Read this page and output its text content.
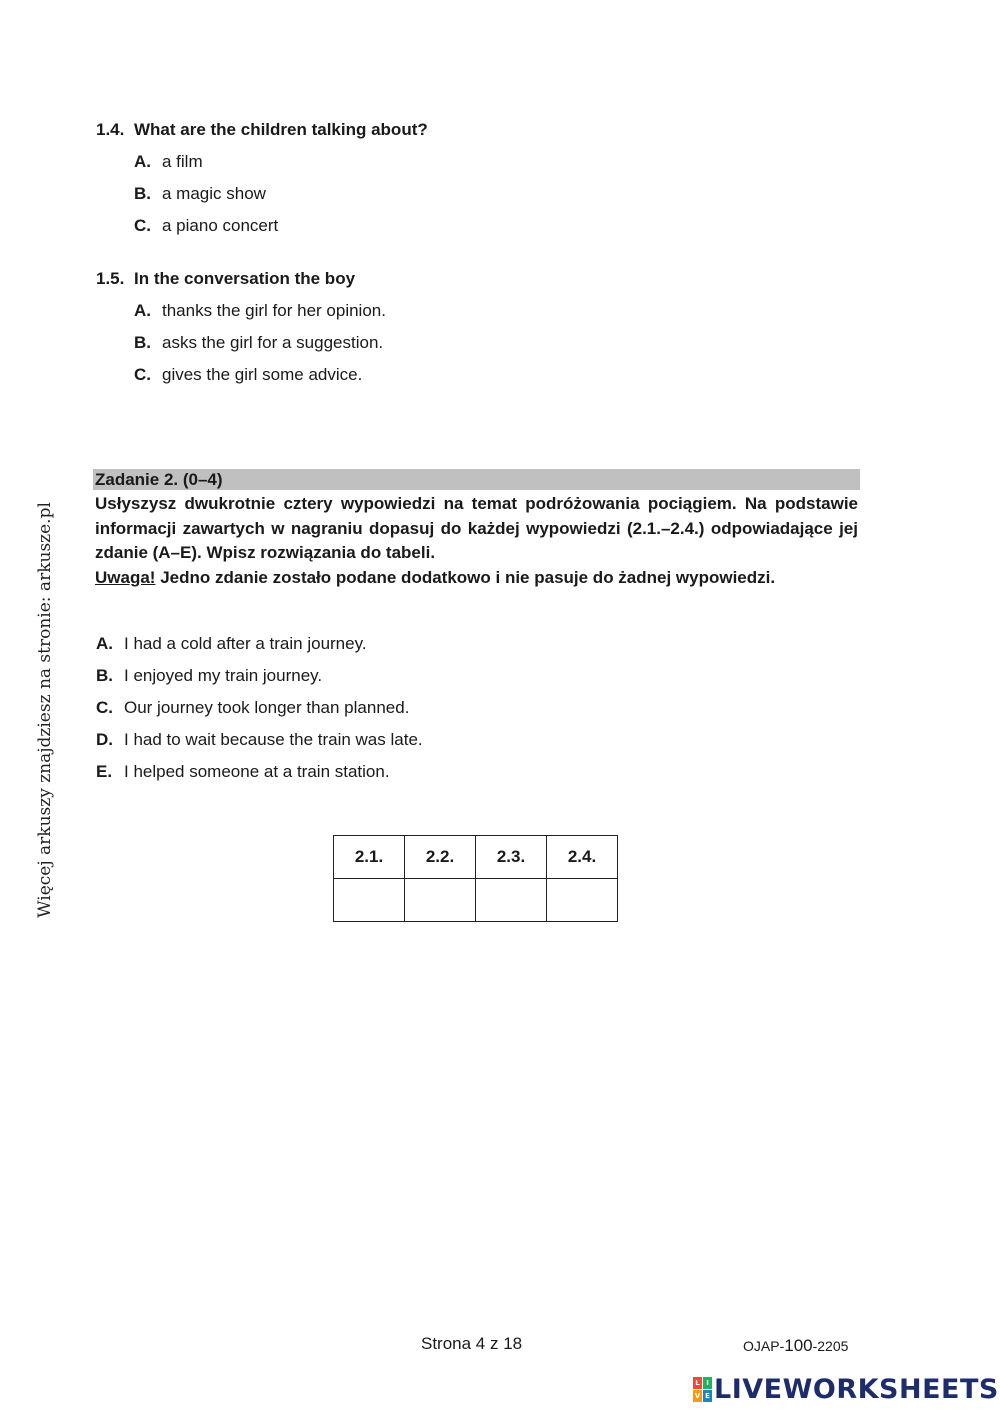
Więcej arkuszy znajdziesz na stronie: arkusze.pl
1.4. What are the children talking about?
A. a film
B. a magic show
C. a piano concert
1.5. In the conversation the boy
A. thanks the girl for her opinion.
B. asks the girl for a suggestion.
C. gives the girl some advice.
Zadanie 2. (0–4)

Usłyszysz dwukrotnie cztery wypowiedzi na temat podróżowania pociągiem. Na podstawie informacji zawartych w nagraniu dopasuj do każdej wypowiedzi (2.1.–2.4.) odpowiadające jej zdanie (A–E). Wpisz rozwiązania do tabeli.

Uwaga! Jedno zdanie zostało podane dodatkowo i nie pasuje do żadnej wypowiedzi.

A. I had a cold after a train journey.
B. I enjoyed my train journey.
C. Our journey took longer than planned.
D. I had to wait because the train was late.
E. I helped someone at a train station.
2.1.	2.2.	2.3.	2.4.

Strona 4 z 18	OJAP-100-2205
L I
V E LIVEWORKSHEETS
